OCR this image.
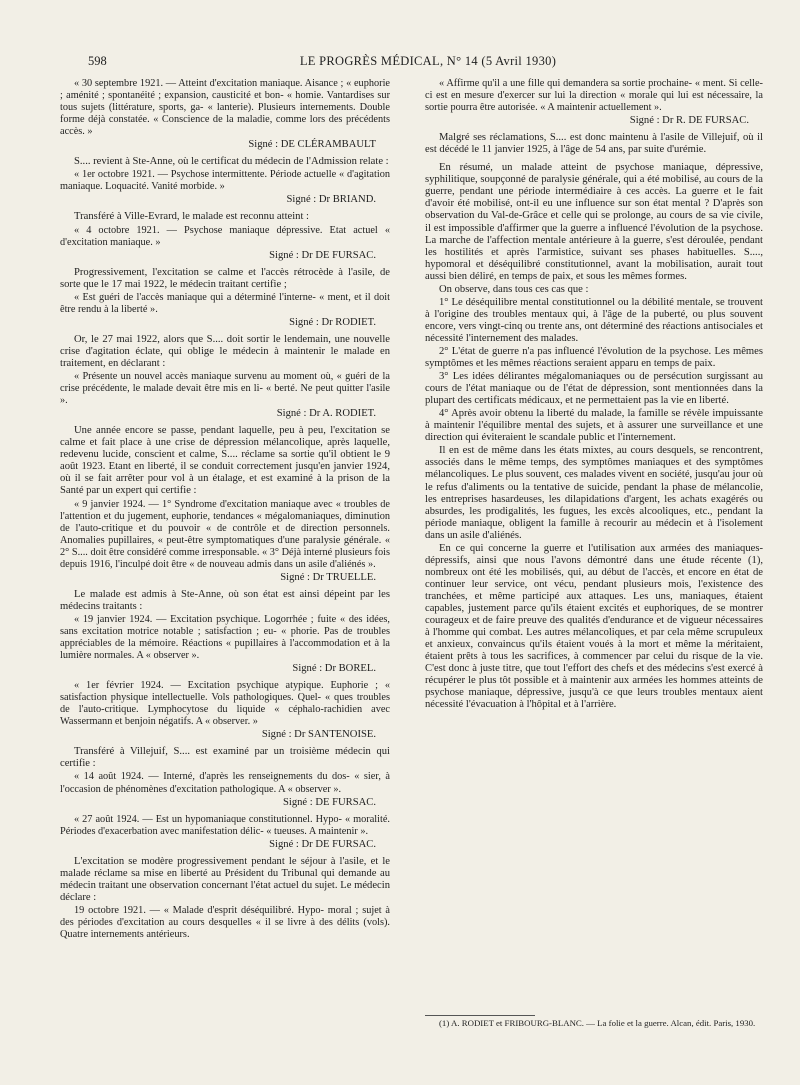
598	LE PROGRÈS MÉDICAL, N° 14 (5 Avril 1930)

« 30 septembre 1921. — Atteint d'excitation maniaque. Aisance ; « euphorie ; aménité ; spontanéité ; expansion, causticité et bon- « homie. Vantardises sur tous sujets (littérature, sports, ga- « lanterie). Plusieurs internements. Double forme déjà constatée. « Conscience de la maladie, comme lors des précédents accès. »

Signé : DE CLÉRAMBAULT

S.... revient à Ste-Anne, où le certificat du médecin de l'Admission relate :

« 1er octobre 1921. — Psychose intermittente. Période actuelle « d'agitation maniaque. Loquacité. Vanité morbide. »

Signé : Dr BRIAND.

Transféré à Ville-Evrard, le malade est reconnu atteint :

« 4 octobre 1921. — Psychose maniaque dépressive. Etat actuel « d'excitation maniaque. »

Signé : Dr DE FURSAC.

Progressivement, l'excitation se calme et l'accès rétrocède à l'asile, de sorte que le 17 mai 1922, le médecin traitant certifie ;

« Est guéri de l'accès maniaque qui a déterminé l'interne- « ment, et il doit être rendu à la liberté ».

Signé : Dr RODIET.

Or, le 27 mai 1922, alors que S.... doit sortir le lendemain, une nouvelle crise d'agitation éclate, qui oblige le médecin à maintenir le malade en traitement, en déclarant :

« Présente un nouvel accès maniaque survenu au moment où, « guéri de la crise précédente, le malade devait être mis en li- « berté. Ne peut quitter l'asile ».

Signé : Dr A. RODIET.

Une année encore se passe, pendant laquelle, peu à peu, l'excitation se calme et fait place à une crise de dépression mélancolique, après laquelle, redevenu lucide, conscient et calme, S.... réclame sa sortie qu'il obtient le 9 août 1923. Etant en liberté, il se conduit correctement jusqu'en janvier 1924, où il se fait arrêter pour vol à un étalage, et est examiné à la prison de la Santé par un expert qui certifie :

« 9 janvier 1924. — 1° Syndrome d'excitation maniaque avec « troubles de l'attention et du jugement, euphorie, tendances « mégalomaniaques, diminution de l'auto-critique et du pouvoir « de contrôle et de direction personnels. Anomalies pupillaires, « peut-être symptomatiques d'une paralysie générale. « 2° S.... doit être considéré comme irresponsable. « 3° Déjà interné plusieurs fois depuis 1916, l'inculpé doit être « de nouveau admis dans un asile d'aliénés ».

Signé : Dr TRUELLE.

Le malade est admis à Ste-Anne, où son état est ainsi dépeint par les médecins traitants :

« 19 janvier 1924. — Excitation psychique. Logorrhée ; fuite « des idées, sans excitation motrice notable ; satisfaction ; eu- « phorie. Pas de troubles appréciables de la mémoire. Réactions « pupillaires à l'accommodation et à la lumière normales. A « observer ».

Signé : Dr BOREL.

« 1er février 1924. — Excitation psychique atypique. Euphorie ; « satisfaction physique intellectuelle. Vols pathologiques. Quel- « ques troubles de l'auto-critique. Lymphocytose du liquide « céphalo-rachidien avec Wassermann et benjoin négatifs. A « observer. »

Signé : Dr SANTENOISE.

Transféré à Villejuif, S.... est examiné par un troisième médecin qui certifie :

« 14 août 1924. — Interné, d'après les renseignements du dos- « sier, à l'occasion de phénomènes d'excitation pathologique. A « observer ».

Signé : DE FURSAC.

« 27 août 1924. — Est un hypomaniaque constitutionnel. Hypo- « moralité. Périodes d'exacerbation avec manifestation délic- « tueuses. A maintenir ».

Signé : Dr DE FURSAC.

L'excitation se modère progressivement pendant le séjour à l'asile, et le malade réclame sa mise en liberté au Président du Tribunal qui demande au médecin traitant une observation concernant l'état actuel du sujet. Le médecin déclare :

19 octobre 1921. — « Malade d'esprit déséquilibré. Hypo- moral ; sujet à des périodes d'excitation au cours desquelles « il se livre à des délits (vols). Quatre internements antérieurs.

« Affirme qu'il a une fille qui demandera sa sortie prochaine- « ment. Si celle-ci est en mesure d'exercer sur lui la direction « morale qui lui est nécessaire, la sortie pourra être autorisée. « A maintenir actuellement ».

Signé : Dr R. DE FURSAC.

Malgré ses réclamations, S.... est donc maintenu à l'asile de Villejuif, où il est décédé le 11 janvier 1925, à l'âge de 54 ans, par suite d'urémie.

En résumé, un malade atteint de psychose maniaque, dépressive, syphilitique, soupçonné de paralysie générale, qui a été mobilisé, au cours de la guerre, pendant une période intermédiaire à ces accès. La guerre et le fait d'avoir été mobilisé, ont-il eu une influence sur son état mental ? D'après son observation du Val-de-Grâce et celle qui se prolonge, au cours de sa vie civile, il est impossible d'affirmer que la guerre a influencé l'évolution de la psychose. La marche de l'affection mentale antérieure à la guerre, s'est déroulée, pendant les hostilités et après l'armistice, suivant ses phases habituelles. S...., hypomoral et déséquilibré constitutionnel, avant la mobilisation, aurait tout aussi bien déliré, en temps de paix, et sous les mêmes formes.

On observe, dans tous ces cas que :

1° Le déséquilibre mental constitutionnel ou la débilité mentale, se trouvent à l'origine des troubles mentaux qui, à l'âge de la puberté, ou plus souvent encore, vers vingt-cinq ou trente ans, ont déterminé des réactions antisociales et nécessité l'internement des malades.

2° L'état de guerre n'a pas influencé l'évolution de la psychose. Les mêmes symptômes et les mêmes réactions seraient apparu en temps de paix.

3° Les idées délirantes mégalomaniaques ou de persécution surgissant au cours de l'état maniaque ou de l'état de dépression, sont mentionnées dans la plupart des certificats médicaux, et ne permettaient pas la vie en liberté.

4° Après avoir obtenu la liberté du malade, la famille se révèle impuissante à maintenir l'équilibre mental des sujets, et à assurer une surveillance et une direction qui éviteraient le scandale public et l'internement.

Il en est de même dans les états mixtes, au cours desquels, se rencontrent, associés dans le même temps, des symptômes maniaques et des symptômes mélancoliques. Le plus souvent, ces malades vivent en société, jusqu'au jour où le refus d'aliments ou la tentative de suicide, pendant la phase de mélancolie, les entreprises hasardeuses, les dilapidations d'argent, les achats exagérés ou absurdes, les prodigalités, les fugues, les excès alcooliques, etc., pendant la période maniaque, obligent la famille à recourir au médecin et à l'isolement dans un asile d'aliénés.

En ce qui concerne la guerre et l'utilisation aux armées des maniaques-dépressifs, ainsi que nous l'avons démontré dans une étude récente (1), nombreux ont été les mobilisés, qui, au début de l'accès, et encore en état de continuer leur service, ont vécu, pendant plusieurs mois, l'existence des tranchées, et même participé aux attaques. Les uns, maniaques, étaient capables, justement parce qu'ils étaient excités et euphoriques, de se montrer courageux et de faire preuve des qualités d'endurance et de vigueur nécessaires à l'homme qui combat. Les autres mélancoliques, et par cela même scrupuleux et anxieux, convaincus qu'ils étaient voués à la mort et même la méritaient, étaient prêts à tous les sacrifices, à commencer par celui du risque de la vie. C'est donc à juste titre, que tout l'effort des chefs et des médecins s'est exercé à récupérer le plus tôt possible et à maintenir aux armées les hommes atteints de psychose maniaque, dépressive, jusqu'à ce que leurs troubles mentaux aient nécessité l'évacuation à l'hôpital et à l'arrière.

(1) A. RODIET et FRIBOURG-BLANC. — La folie et la guerre. Alcan, édit. Paris, 1930.
